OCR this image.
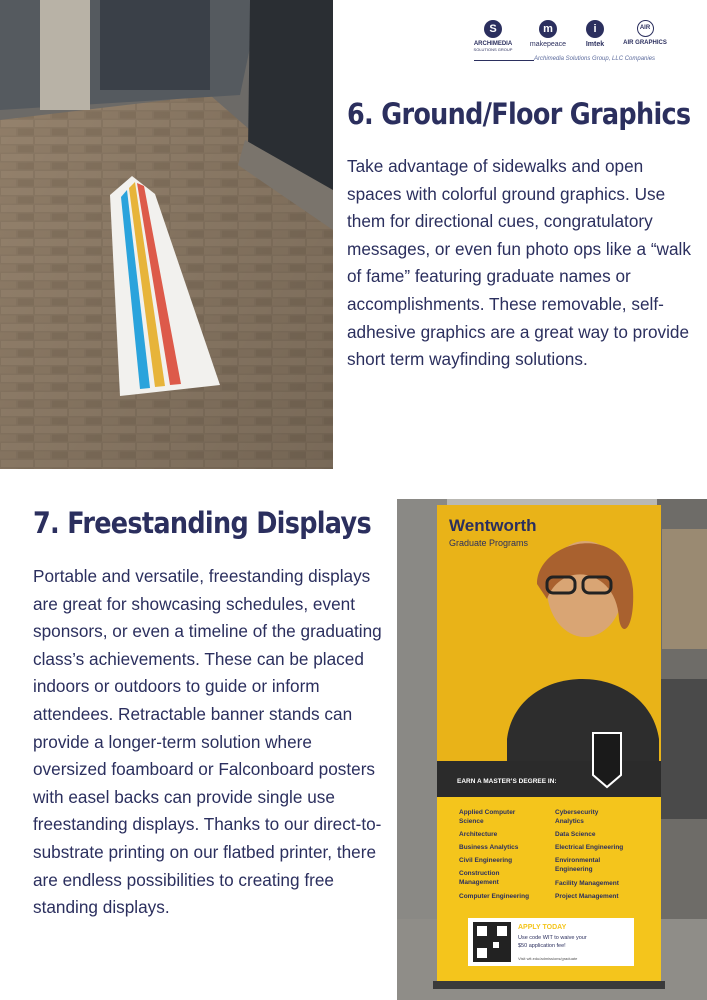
S
ARCHIMEDIA
SOLUTIONS GROUP
m
makepeace
i
Imtek
AIR
AIR GRAPHICS
Archimedia Solutions Group, LLC Companies
6. Ground/Floor Graphics

Take advantage of sidewalks and open spaces with colorful ground graphics. Use them for directional cues, congratulatory messages, or even fun photo ops like a “walk of fame” featuring graduate names or accomplishments. These removable, self-adhesive graphics are a great way to provide short term wayfinding solutions.

7. Freestanding Displays

Portable and versatile, freestanding displays are great for showcasing schedules, event sponsors, or even a timeline of the graduating class’s achievements. These can be placed indoors or outdoors to guide or inform attendees. Retractable banner stands can provide a longer-term solution where oversized foamboard or Falconboard posters with easel backs can provide single use freestanding displays. Thanks to our direct-to-substrate printing on our flatbed printer, there are endless possibilities to creating free standing displays.

Wentworth
Graduate Programs
EARN A MASTER’S DEGREE IN:
Applied Computer
Science
Architecture
Business Analytics
Civil Engineering
Construction
Management
Computer Engineering
Cybersecurity
Analytics
Data Science
Electrical Engineering
Environmental
Engineering
Facility Management
Project Management
APPLY TODAY
Use code WIT to waive your
$50 application fee!
Visit wit.edu/admissions/graduate
